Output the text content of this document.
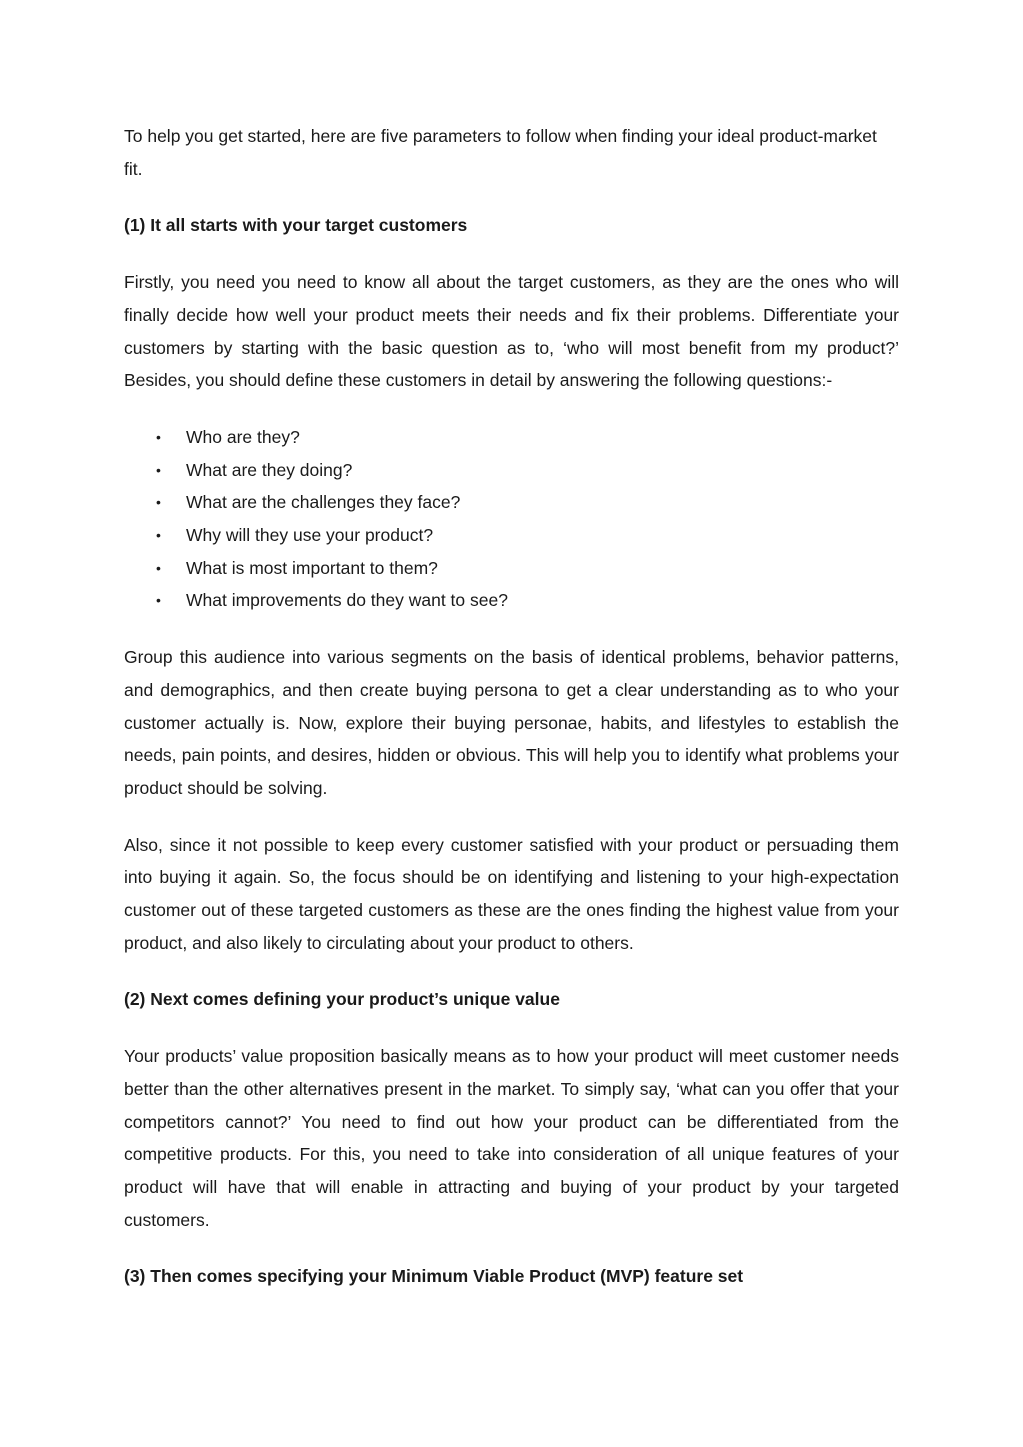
To help you get started, here are five parameters to follow when finding your ideal product-market fit.

(1) It all starts with your target customers

Firstly, you need you need to know all about the target customers, as they are the ones who will finally decide how well your product meets their needs and fix their problems. Differentiate your customers by starting with the basic question as to, ‘who will most benefit from my product?’ Besides, you should define these customers in detail by answering the following questions:-

• Who are they?
• What are they doing?
• What are the challenges they face?
• Why will they use your product?
• What is most important to them?
• What improvements do they want to see?

Group this audience into various segments on the basis of identical problems, behavior patterns, and demographics, and then create buying persona to get a clear understanding as to who your customer actually is. Now, explore their buying personae, habits, and lifestyles to establish the needs, pain points, and desires, hidden or obvious. This will help you to identify what problems your product should be solving.

Also, since it not possible to keep every customer satisfied with your product or persuading them into buying it again. So, the focus should be on identifying and listening to your high-expectation customer out of these targeted customers as these are the ones finding the highest value from your product, and also likely to circulating about your product to others.

(2) Next comes defining your product’s unique value

Your products’ value proposition basically means as to how your product will meet customer needs better than the other alternatives present in the market. To simply say, ‘what can you offer that your competitors cannot?’ You need to find out how your product can be differentiated from the competitive products. For this, you need to take into consideration of all unique features of your product will have that will enable in attracting and buying of your product by your targeted customers.

(3) Then comes specifying your Minimum Viable Product (MVP) feature set
